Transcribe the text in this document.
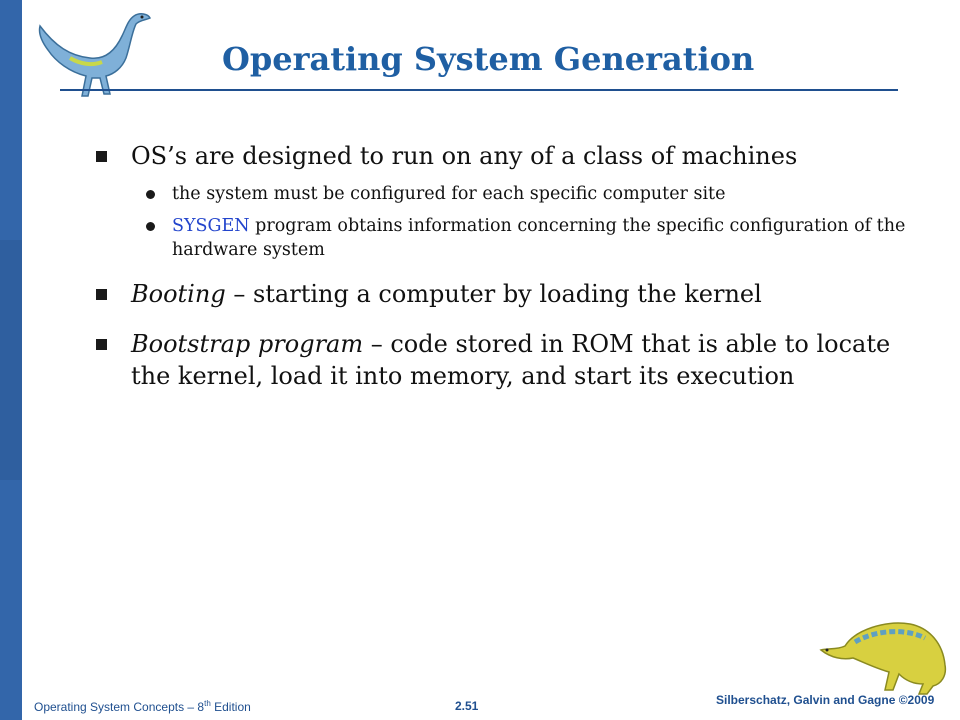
Operating System Generation
OS’s are designed to run on any of a class of machines
the system must be configured for each specific computer site
SYSGEN program obtains information concerning the specific configuration of the hardware system
Booting – starting a computer by loading the kernel
Bootstrap program – code stored in ROM that is able to locate the kernel, load it into memory, and start its execution
Operating System Concepts – 8th Edition	2.51	Silberschatz, Galvin and Gagne ©2009
